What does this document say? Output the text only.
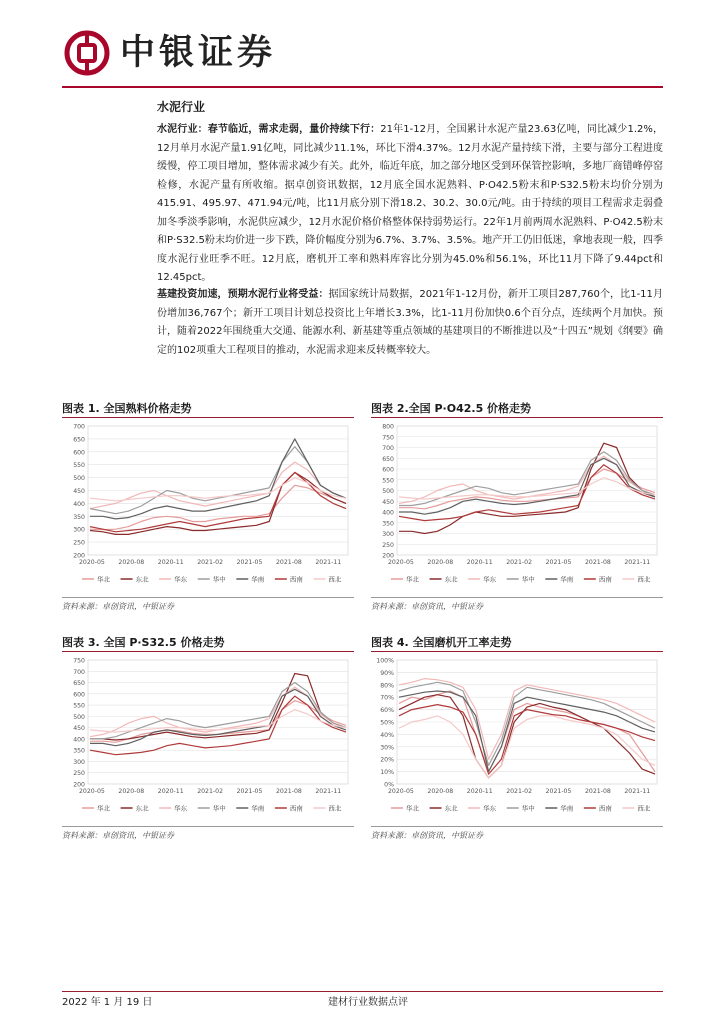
中银证券
水泥行业
水泥行业：春节临近，需求走弱，量价持续下行：21年1-12月，全国累计水泥产量23.63亿吨，同比减少1.2%，12月单月水泥产量1.91亿吨，同比减少11.1%，环比下滑4.37%。12月水泥产量持续下滑，主要与部分工程进度缓慢，停工项目增加，整体需求减少有关。此外，临近年底，加之部分地区受到环保管控影响，多地厂商错峰停窑检修，水泥产量有所收缩。据卓创资讯数据，12月底全国水泥熟料、P·O42.5粉末和P·S32.5粉末均价分别为415.91、495.97、471.94元/吨，比11月底分别下滑18.2、30.2、30.0元/吨。由于持续的项目工程需求走弱叠加冬季淡季影响，水泥供应减少，12月水泥价格价格整体保持弱势运行。22年1月前两周水泥熟料、P·O42.5粉末和P·S32.5粉末均价进一步下跌，降价幅度分别为6.7%、3.7%、3.5%。地产开工仍旧低迷，拿地表现一般，四季度水泥行业旺季不旺。12月底，磨机开工率和熟料库容比分别为45.0%和56.1%，环比11月下降了9.44pct和12.45pct。
基建投资加速，预期水泥行业将受益：据国家统计局数据，2021年1-12月份，新开工项目287,760个，比1-11月份增加36,767个；新开工项目计划总投资比上年增长3.3%，比1-11月份加快0.6个百分点，连续两个月加快。预计，随着2022年围绕重大交通、能源水利、新基建等重点领域的基建项目的不断推进以及“十四五”规划《纲要》确定的102项重大工程项目的推动，水泥需求迎来反转概率较大。
图表 1. 全国熟料价格走势
200
250
300
350
400
450
500
550
600
650
700
2020-05 2020-08 2020-11 2021-02 2021-05 2021-08 2021-11
华北	东北	华东	华中	华南	西南	西北
资料来源：卓创资讯，中银证券
图表 2.全国 P·O42.5 价格走势
200
250
300
350
400
450
500
550
600
650
700
750
800
2020-05 2020-08 2020-11 2021-02 2021-05 2021-08 2021-11
华北	东北	华东	华中	华南	西南	西北
资料来源：卓创资讯，中银证券
图表 3. 全国 P·S32.5 价格走势
200
250
300
350
400
450
500
550
600
650
700
750
2020-05 2020-08 2020-11 2021-02 2021-05 2021-08 2021-11
华北	东北	华东	华中	华南	西南	西北
资料来源：卓创资讯，中银证券
图表 4. 全国磨机开工率走势
0%
10%
20%
30%
40%
50%
60%
70%
80%
90%
100%
2020-05 2020-08 2020-11 2021-02 2021-05 2021-08 2021-11
华北	东北	华东	华中	华南	西南	西北
资料来源：卓创资讯，中银证券
2022 年 1 月 19 日	建材行业数据点评
